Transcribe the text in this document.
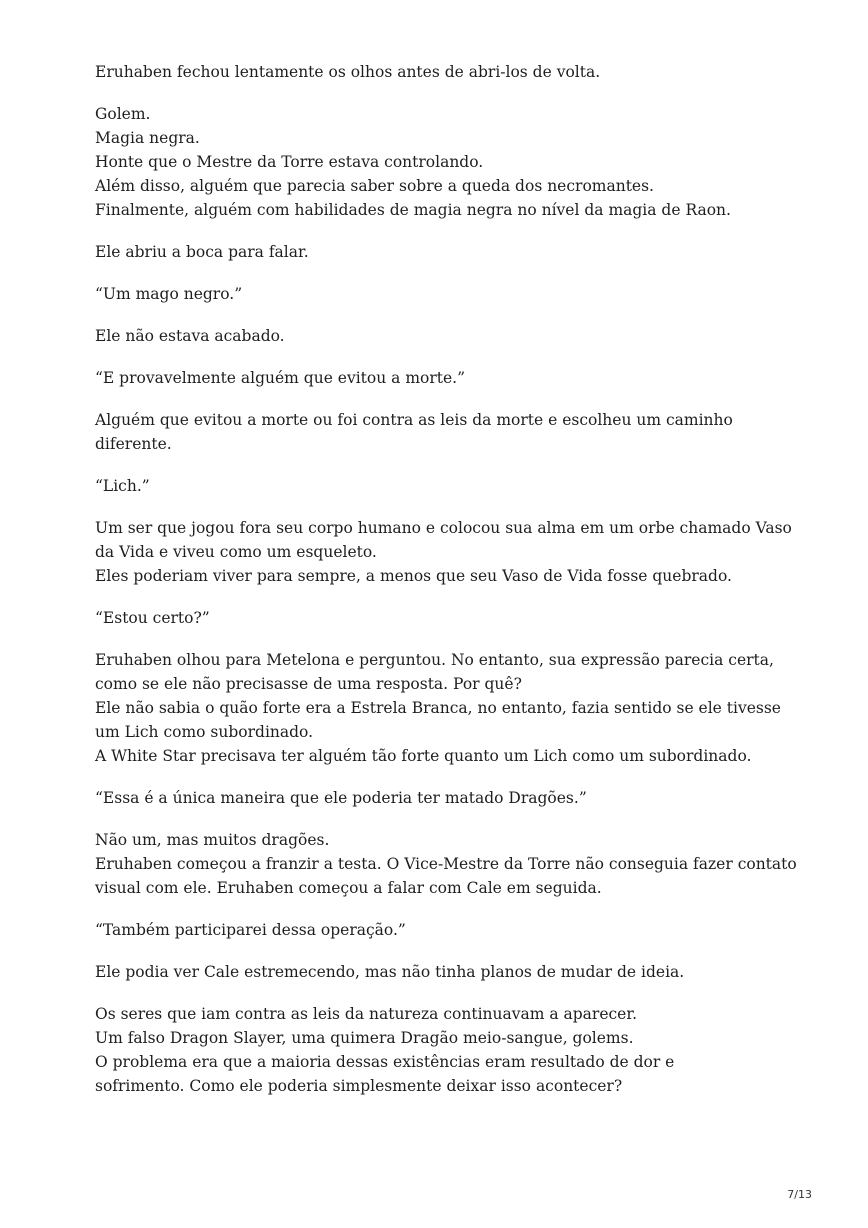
Eruhaben fechou lentamente os olhos antes de abri-los de volta.
Golem.
Magia negra.
Honte que o Mestre da Torre estava controlando.
Além disso, alguém que parecia saber sobre a queda dos necromantes.
Finalmente, alguém com habilidades de magia negra no nível da magia de Raon.
Ele abriu a boca para falar.
“Um mago negro.”
Ele não estava acabado.
“E provavelmente alguém que evitou a morte.”
Alguém que evitou a morte ou foi contra as leis da morte e escolheu um caminho
diferente.
“Lich.”
Um ser que jogou fora seu corpo humano e colocou sua alma em um orbe chamado Vaso
da Vida e viveu como um esqueleto.
Eles poderiam viver para sempre, a menos que seu Vaso de Vida fosse quebrado.
“Estou certo?”
Eruhaben olhou para Metelona e perguntou. No entanto, sua expressão parecia certa,
como se ele não precisasse de uma resposta. Por quê?
Ele não sabia o quão forte era a Estrela Branca, no entanto, fazia sentido se ele tivesse
um Lich como subordinado.
A White Star precisava ter alguém tão forte quanto um Lich como um subordinado.
“Essa é a única maneira que ele poderia ter matado Dragões.”
Não um, mas muitos dragões.
Eruhaben começou a franzir a testa. O Vice-Mestre da Torre não conseguia fazer contato
visual com ele. Eruhaben começou a falar com Cale em seguida.
“Também participarei dessa operação.”
Ele podia ver Cale estremecendo, mas não tinha planos de mudar de ideia.
Os seres que iam contra as leis da natureza continuavam a aparecer.
Um falso Dragon Slayer, uma quimera Dragão meio-sangue, golems.
O problema era que a maioria dessas existências eram resultado de dor e
sofrimento. Como ele poderia simplesmente deixar isso acontecer?
7/13
